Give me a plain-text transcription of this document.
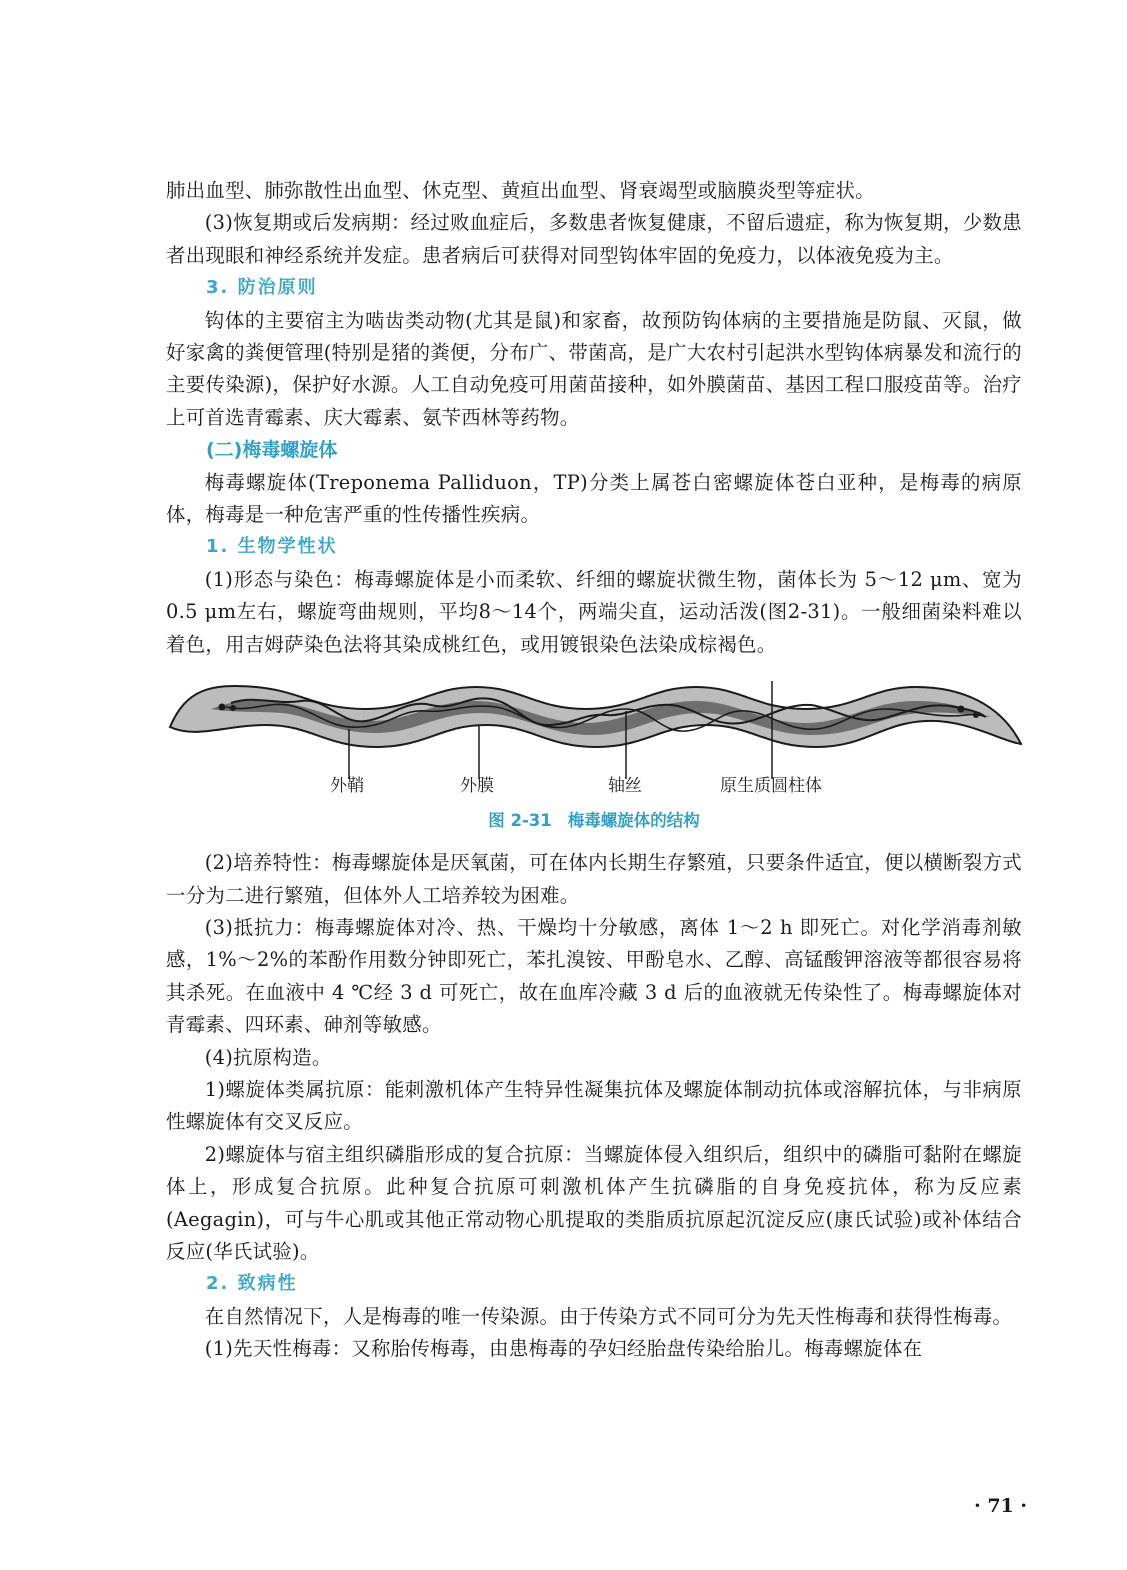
肺出血型、肺弥散性出血型、休克型、黄疸出血型、肾衰竭型或脑膜炎型等症状。

(3)恢复期或后发病期：经过败血症后，多数患者恢复健康，不留后遗症，称为恢复期，少数患者出现眼和神经系统并发症。患者病后可获得对同型钩体牢固的免疫力，以体液免疫为主。

3. 防治原则

钩体的主要宿主为啮齿类动物(尤其是鼠)和家畜，故预防钩体病的主要措施是防鼠、灭鼠，做好家禽的粪便管理(特别是猪的粪便，分布广、带菌高，是广大农村引起洪水型钩体病暴发和流行的主要传染源)，保护好水源。人工自动免疫可用菌苗接种，如外膜菌苗、基因工程口服疫苗等。治疗上可首选青霉素、庆大霉素、氨苄西林等药物。

(二)梅毒螺旋体

梅毒螺旋体(Treponema Palliduon，TP)分类上属苍白密螺旋体苍白亚种，是梅毒的病原体，梅毒是一种危害严重的性传播性疾病。

1. 生物学性状

(1)形态与染色：梅毒螺旋体是小而柔软、纤细的螺旋状微生物，菌体长为 5～12 μm、宽为0.5 μm左右，螺旋弯曲规则，平均8～14个，两端尖直，运动活泼(图2-31)。一般细菌染料难以着色，用吉姆萨染色法将其染成桃红色，或用镀银染色法染成棕褐色。

外鞘	外膜	轴丝	原生质圆柱体
图 2-31 梅毒螺旋体的结构

(2)培养特性：梅毒螺旋体是厌氧菌，可在体内长期生存繁殖，只要条件适宜，便以横断裂方式一分为二进行繁殖，但体外人工培养较为困难。

(3)抵抗力：梅毒螺旋体对冷、热、干燥均十分敏感，离体 1～2 h 即死亡。对化学消毒剂敏感，1%～2%的苯酚作用数分钟即死亡，苯扎溴铵、甲酚皂水、乙醇、高锰酸钾溶液等都很容易将其杀死。在血液中 4 ℃经 3 d 可死亡，故在血库冷藏 3 d 后的血液就无传染性了。梅毒螺旋体对青霉素、四环素、砷剂等敏感。

(4)抗原构造。

1)螺旋体类属抗原：能刺激机体产生特异性凝集抗体及螺旋体制动抗体或溶解抗体，与非病原性螺旋体有交叉反应。

2)螺旋体与宿主组织磷脂形成的复合抗原：当螺旋体侵入组织后，组织中的磷脂可黏附在螺旋体上，形成复合抗原。此种复合抗原可刺激机体产生抗磷脂的自身免疫抗体，称为反应素(Aegagin)，可与牛心肌或其他正常动物心肌提取的类脂质抗原起沉淀反应(康氏试验)或补体结合反应(华氏试验)。

2. 致病性

在自然情况下，人是梅毒的唯一传染源。由于传染方式不同可分为先天性梅毒和获得性梅毒。

(1)先天性梅毒：又称胎传梅毒，由患梅毒的孕妇经胎盘传染给胎儿。梅毒螺旋体在

· 71 ·
